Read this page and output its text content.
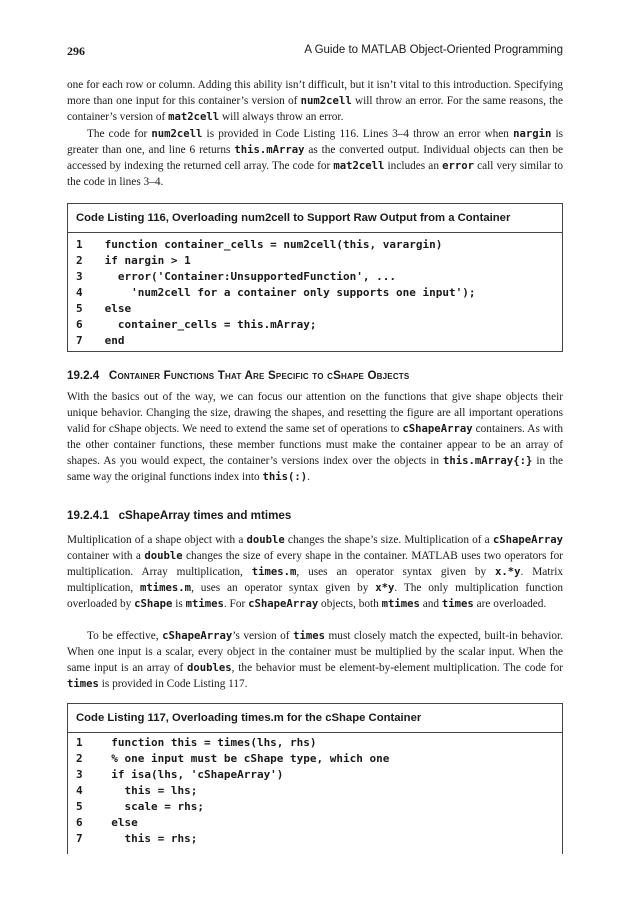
296	A Guide to MATLAB Object-Oriented Programming

one for each row or column. Adding this ability isn’t difficult, but it isn’t vital to this introduction. Specifying more than one input for this container’s version of num2cell will throw an error. For the same reasons, the container’s version of mat2cell will always throw an error.

The code for num2cell is provided in Code Listing 116. Lines 3–4 throw an error when nargin is greater than one, and line 6 returns this.mArray as the converted output. Individual objects can then be accessed by indexing the returned cell array. The code for mat2cell includes an error call very similar to the code in lines 3–4.

Code Listing 116, Overloading num2cell to Support Raw Output from a Container
1 function container_cells = num2cell(this, varargin)
2 if nargin > 1
3   error('Container:UnsupportedFunction', ...
4     'num2cell for a container only supports one input');
5 else
6   container_cells = this.mArray;
7 end
19.2.4 Container Functions That Are Specific to cShape Objects

With the basics out of the way, we can focus our attention on the functions that give shape objects their unique behavior. Changing the size, drawing the shapes, and resetting the figure are all important operations valid for cShape objects. We need to extend the same set of operations to cShapeArray containers. As with the other container functions, these member functions must make the container appear to be an array of shapes. As you would expect, the container’s versions index over the objects in this.mArray{:} in the same way the original functions index into this(:).

19.2.4.1 cShapeArray times and mtimes

Multiplication of a shape object with a double changes the shape’s size. Multiplication of a cShapeArray container with a double changes the size of every shape in the container. MATLAB uses two operators for multiplication. Array multiplication, times.m, uses an operator syntax given by x.*y. Matrix multiplication, mtimes.m, uses an operator syntax given by x*y. The only multiplication function overloaded by cShape is mtimes. For cShapeArray objects, both mtimes and times are overloaded.

To be effective, cShapeArray’s version of times must closely match the expected, built-in behavior. When one input is a scalar, every object in the container must be multiplied by the scalar input. When the same input is an array of doubles, the behavior must be element-by-element multiplication. The code for times is provided in Code Listing 117.

Code Listing 117, Overloading times.m for the cShape Container
1  function this = times(lhs, rhs)
2  % one input must be cShape type, which one
3  if isa(lhs, 'cShapeArray')
4    this = lhs;
5    scale = rhs;
6  else
7    this = rhs;
